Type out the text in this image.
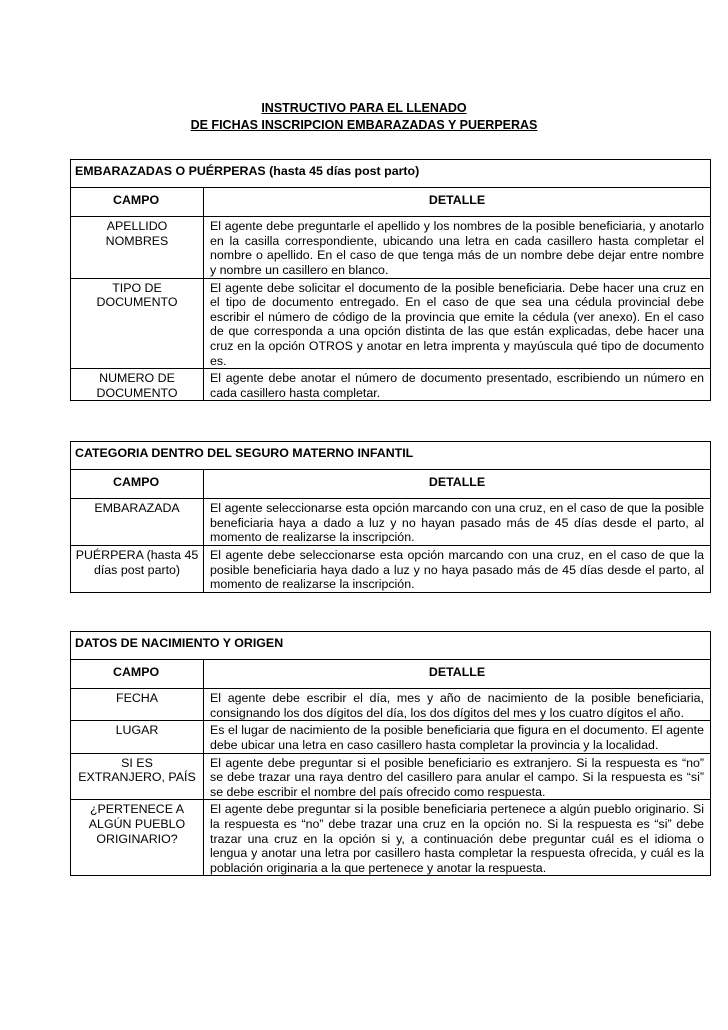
INSTRUCTIVO PARA EL LLENADO
DE FICHAS INSCRIPCION EMBARAZADAS Y PUERPERAS
EMBARAZADAS O PUÉRPERAS (hasta 45 días post parto)	
CAMPO	DETALLE
APELLIDO NOMBRES	El agente debe preguntarle el apellido y los nombres de la posible beneficiaria, y anotarlo en la casilla correspondiente, ubicando una letra en cada casillero hasta completar el nombre o apellido. En el caso de que tenga más de un nombre debe dejar entre nombre y nombre un casillero en blanco.
TIPO DE DOCUMENTO	El agente debe solicitar el documento de la posible beneficiaria. Debe hacer una cruz en el tipo de documento entregado. En el caso de que sea una cédula provincial debe escribir el número de código de la provincia que emite la cédula (ver anexo). En el caso de que corresponda a una opción distinta de las que están explicadas, debe hacer una cruz en la opción OTROS y anotar en letra imprenta y mayúscula qué tipo de documento es.
NUMERO DE DOCUMENTO	El agente debe anotar el número de documento presentado, escribiendo un número en cada casillero hasta completar.
CATEGORIA DENTRO DEL SEGURO MATERNO INFANTIL	
CAMPO	DETALLE
EMBARAZADA	El agente seleccionarse esta opción marcando con una cruz, en el caso de que la posible beneficiaria haya a dado a luz y no hayan pasado más de 45 días desde el parto, al momento de realizarse la inscripción.
PUÉRPERA (hasta 45 días post parto)	El agente debe seleccionarse esta opción marcando con una cruz, en el caso de que la posible beneficiaria haya dado a luz y no haya pasado más de 45 días desde el parto, al momento de realizarse la inscripción.
DATOS DE NACIMIENTO Y ORIGEN	
CAMPO	DETALLE
FECHA	El agente debe escribir el día, mes y año de nacimiento de la posible beneficiaria, consignando los dos dígitos del día, los dos dígitos del mes y los cuatro dígitos el año.
LUGAR	Es el lugar de nacimiento de la posible beneficiaria que figura en el documento. El agente debe ubicar una letra en caso casillero hasta completar la provincia y la localidad.
SI ES EXTRANJERO, PAÍS	El agente debe preguntar si el posible beneficiario es extranjero. Si la respuesta es “no” se debe trazar una raya dentro del casillero para anular el campo. Si la respuesta es “si” se debe escribir el nombre del país ofrecido como respuesta.
¿PERTENECE A ALGÚN PUEBLO ORIGINARIO?	El agente debe preguntar si la posible beneficiaria pertenece a algún pueblo originario. Si la respuesta es “no” debe trazar una cruz en la opción no. Si la respuesta es “si” debe trazar una cruz en la opción si y, a continuación debe preguntar cuál es el idioma o lengua y anotar una letra por casillero hasta completar la respuesta ofrecida, y cuál es la población originaria a la que pertenece y anotar la respuesta.
